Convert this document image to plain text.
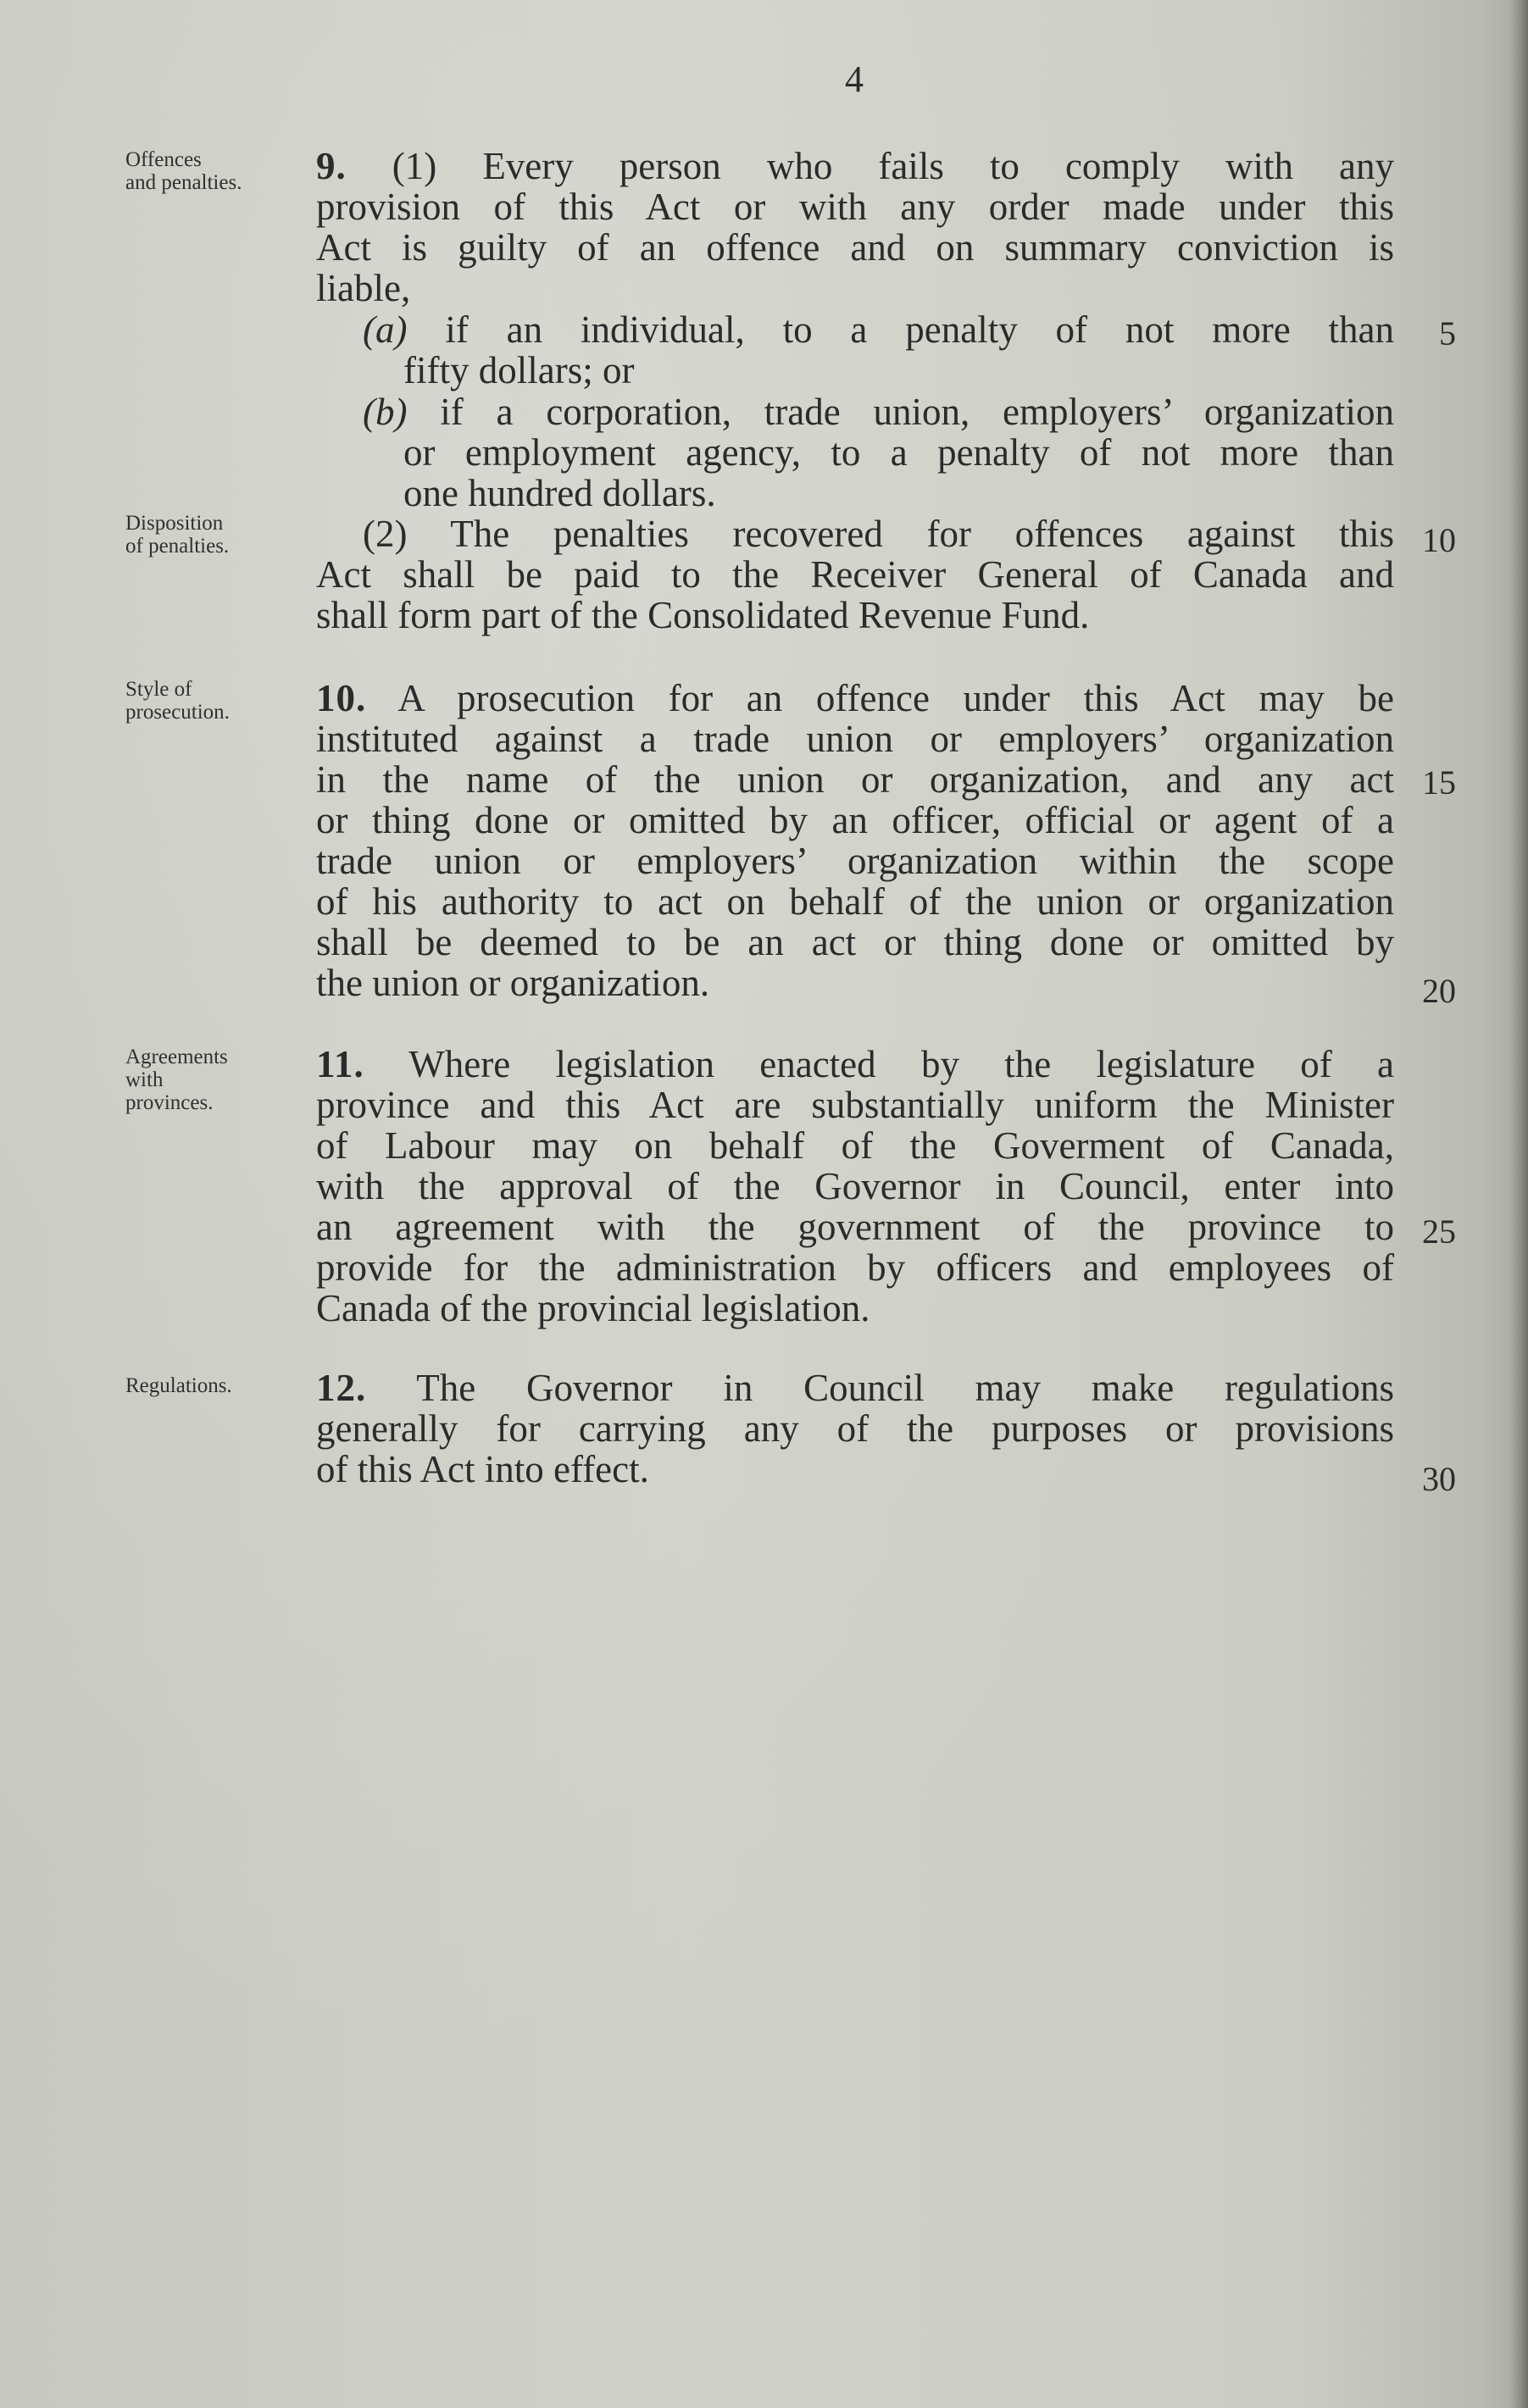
4
Offences
and penalties.	9. (1) Every person who fails to comply with any
provision of this Act or with any order made under this
Act is guilty of an offence and on summary conviction is
liable,
(a) if an individual, to a penalty of not more than
fifty dollars; or
(b) if a corporation, trade union, employers’ organization
or employment agency, to a penalty of not more than
one hundred dollars.
Disposition
of penalties.	(2) The penalties recovered for offences against this
Act shall be paid to the Receiver General of Canada and
shall form part of the Consolidated Revenue Fund.
Style of
prosecution.	10. A prosecution for an offence under this Act may be
instituted against a trade union or employers’ organization
in the name of the union or organization, and any act
or thing done or omitted by an officer, official or agent of a
trade union or employers’ organization within the scope
of his authority to act on behalf of the union or organization
shall be deemed to be an act or thing done or omitted by
the union or organization.
Agreements
with
provinces.
11. Where legislation enacted by the legislature of a
province and this Act are substantially uniform the Minister
of Labour may on behalf of the Goverment of Canada,
with the approval of the Governor in Council, enter into
an agreement with the government of the province to
provide for the administration by officers and employees of
Canada of the provincial legislation.
Regulations.	12. The Governor in Council may make regulations
generally for carrying any of the purposes or provisions
of this Act into effect.
5
10
15
20
25
30
